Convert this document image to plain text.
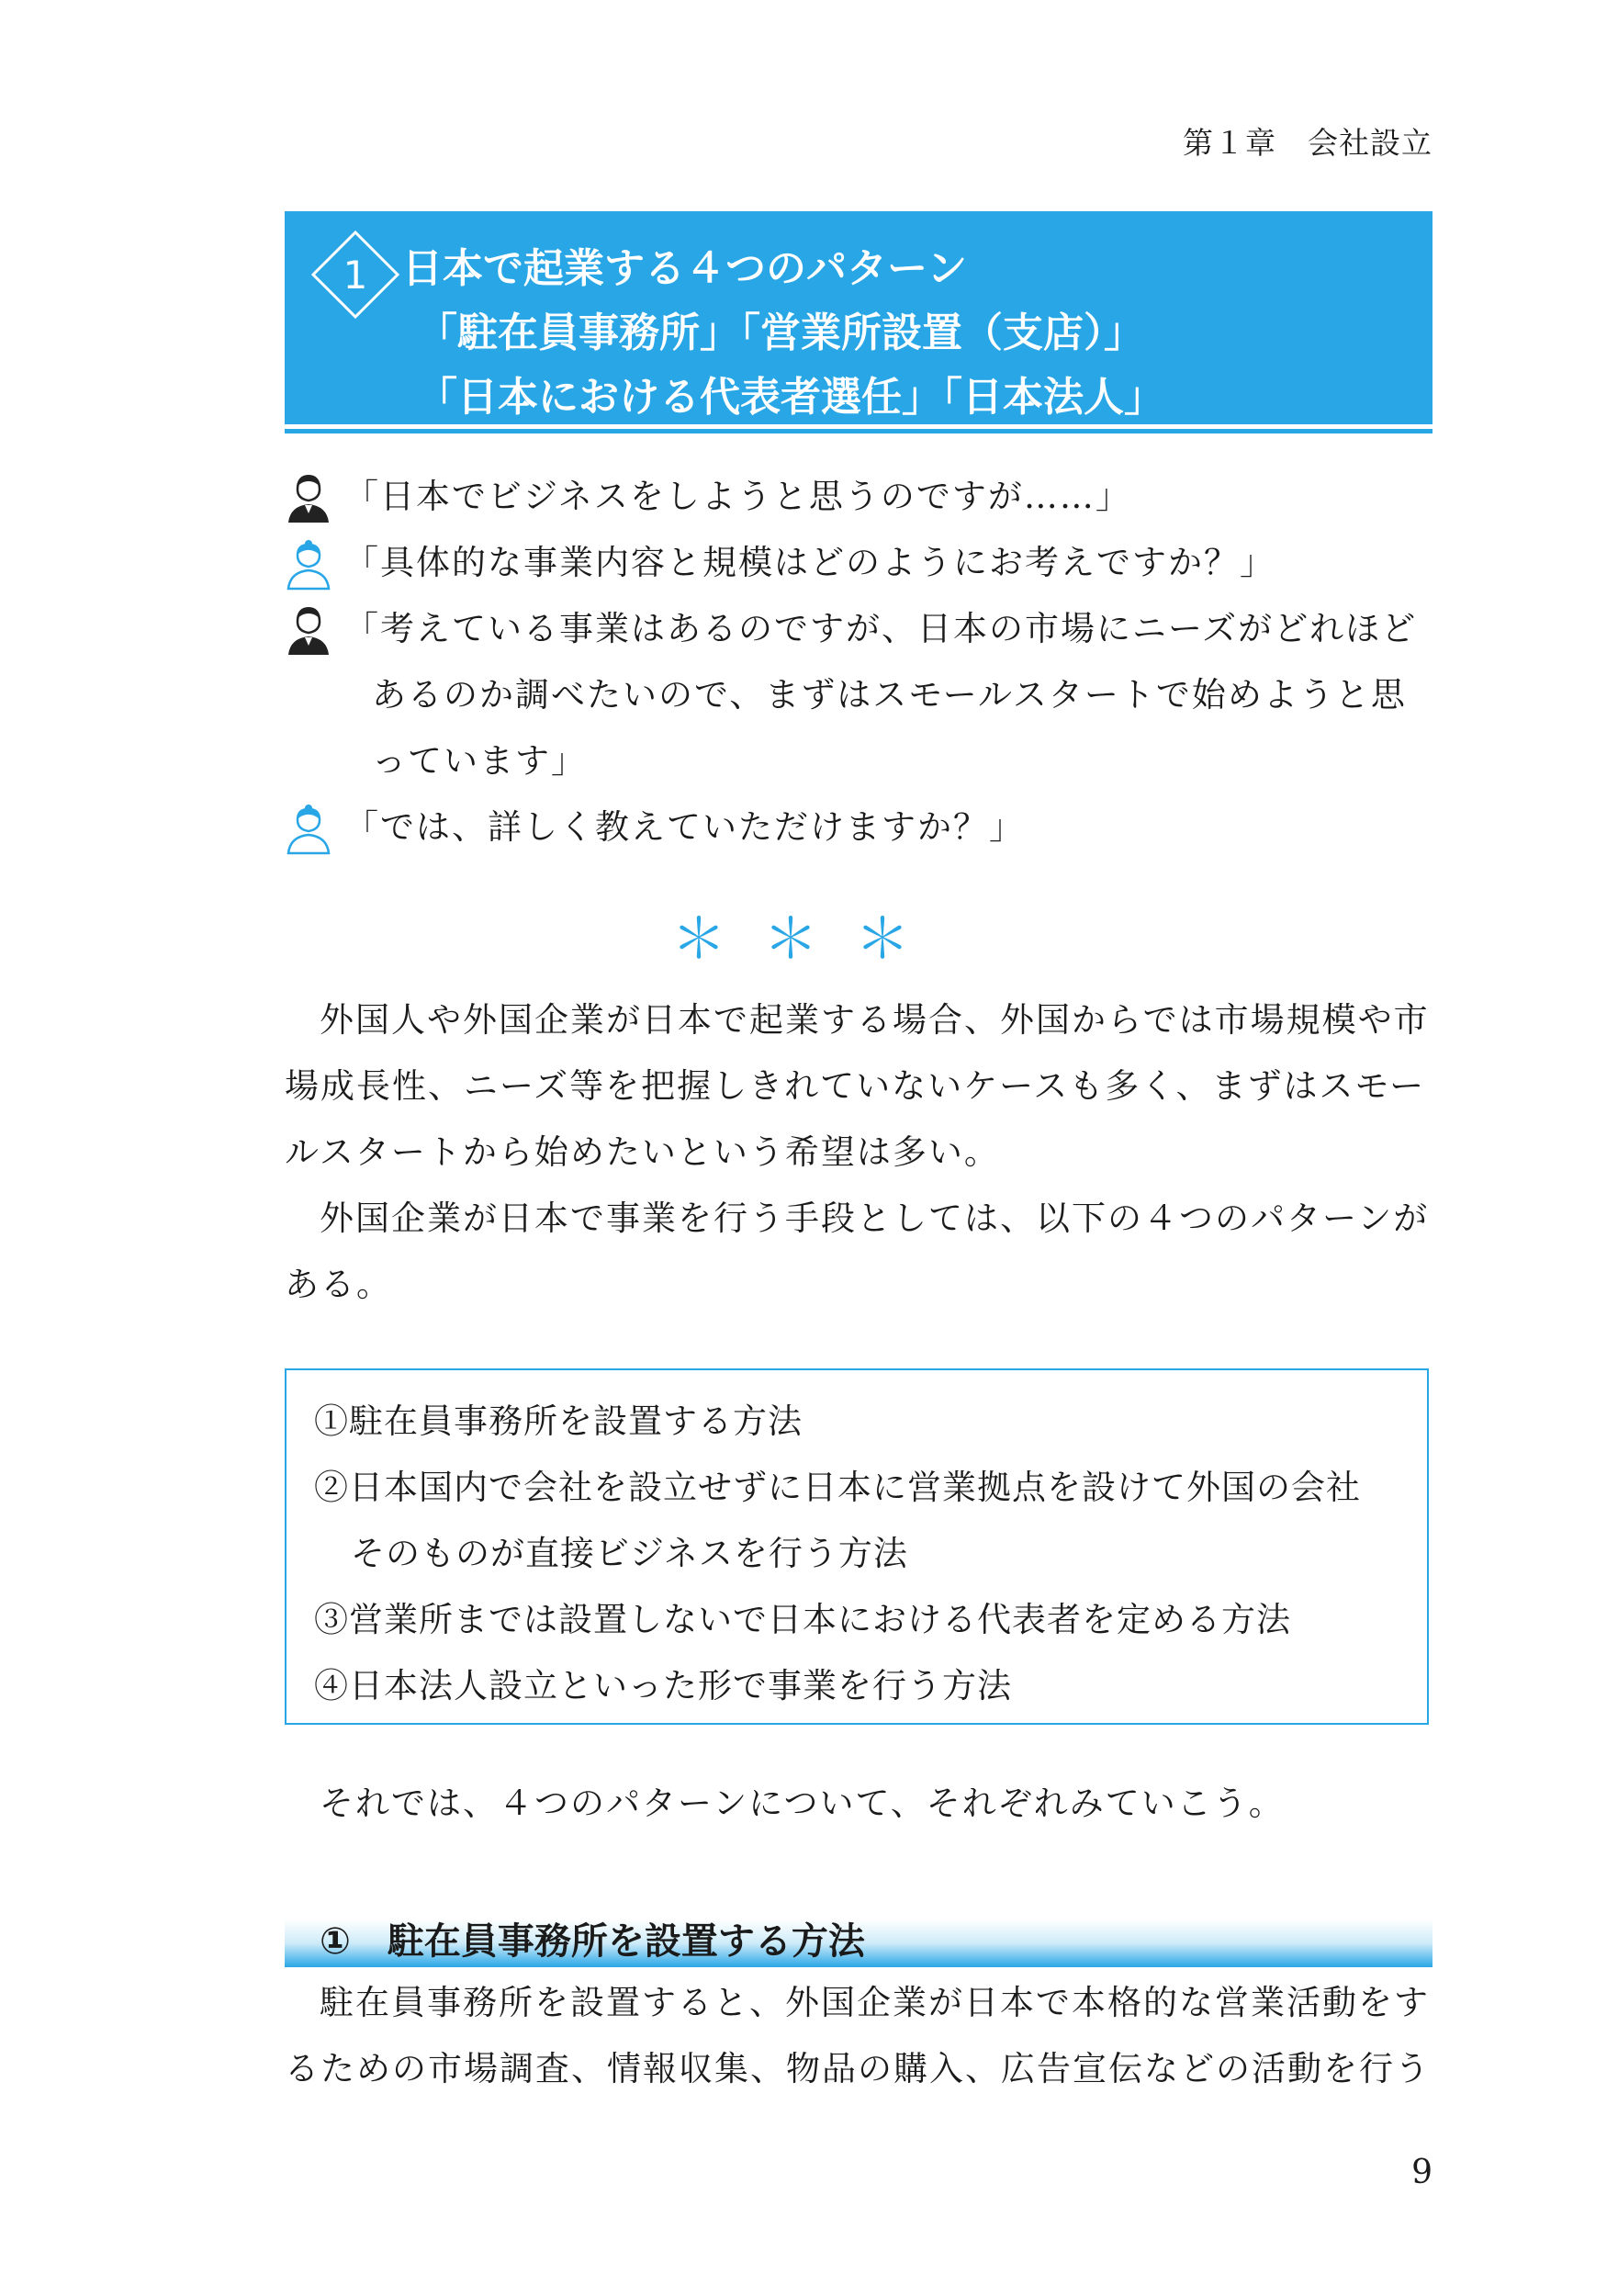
第１章　会社設立
1 日本で起業する４つのパターン
「駐在員事務所」「営業所設置（支店）」
「日本における代表者選任」「日本法人」
「日本でビジネスをしようと思うのですが……」
「具体的な事業内容と規模はどのようにお考えですか？」
「考えている事業はあるのですが、日本の市場にニーズがどれほど
あるのか調べたいので、まずはスモールスタートで始めようと思
っています」
「では、詳しく教えていただけますか？」
＊＊＊
外国人や外国企業が日本で起業する場合、外国からでは市場規模や市
場成長性、ニーズ等を把握しきれていないケースも多く、まずはスモー
ルスタートから始めたいという希望は多い。
外国企業が日本で事業を行う手段としては、以下の４つのパターンが
ある。
①駐在員事務所を設置する方法
②日本国内で会社を設立せずに日本に営業拠点を設けて外国の会社
そのものが直接ビジネスを行う方法
③営業所までは設置しないで日本における代表者を定める方法
④日本法人設立といった形で事業を行う方法
それでは、４つのパターンについて、それぞれみていこう。
①　駐在員事務所を設置する方法
駐在員事務所を設置すると、外国企業が日本で本格的な営業活動をす
るための市場調査、情報収集、物品の購入、広告宣伝などの活動を行う
9
